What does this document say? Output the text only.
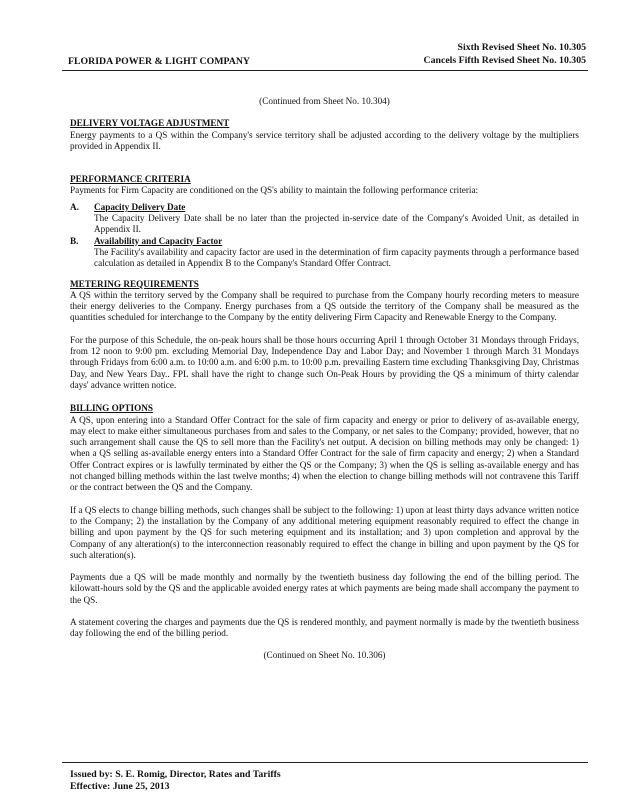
Sixth Revised Sheet No. 10.305
Cancels Fifth Revised Sheet No. 10.305
FLORIDA POWER & LIGHT COMPANY
(Continued from Sheet No. 10.304)
DELIVERY VOLTAGE ADJUSTMENT

Energy payments to a QS within the Company's service territory shall be adjusted according to the delivery voltage by the multipliers provided in Appendix II.

PERFORMANCE CRITERIA

Payments for Firm Capacity are conditioned on the QS's ability to maintain the following performance criteria:

A.	Capacity Delivery Date

The Capacity Delivery Date shall be no later than the projected in-service date of the Company's Avoided Unit, as detailed in Appendix II.

B.	Availability and Capacity Factor

The Facility's availability and capacity factor are used in the determination of firm capacity payments through a performance based calculation as detailed in Appendix B to the Company's Standard Offer Contract.

METERING REQUIREMENTS

A QS within the territory served by the Company shall be required to purchase from the Company hourly recording meters to measure their energy deliveries to the Company. Energy purchases from a QS outside the territory of the Company shall be measured as the quantities scheduled for interchange to the Company by the entity delivering Firm Capacity and Renewable Energy to the Company.

For the purpose of this Schedule, the on-peak hours shall be those hours occurring April 1 through October 31 Mondays through Fridays, from 12 noon to 9:00 pm. excluding Memorial Day, Independence Day and Labor Day; and November 1 through March 31 Mondays through Fridays from 6:00 a.m. to 10:00 a.m. and 6:00 p.m. to 10:00 p.m. prevailing Eastern time excluding Thanksgiving Day, Christmas Day, and New Years Day.. FPL shall have the right to change such On-Peak Hours by providing the QS a minimum of thirty calendar days' advance written notice.

BILLING OPTIONS

A QS, upon entering into a Standard Offer Contract for the sale of firm capacity and energy or prior to delivery of as-available energy, may elect to make either simultaneous purchases from and sales to the Company, or net sales to the Company; provided, however, that no such arrangement shall cause the QS to sell more than the Facility's net output. A decision on billing methods may only be changed: 1) when a QS selling as-available energy enters into a Standard Offer Contract for the sale of firm capacity and energy; 2) when a Standard Offer Contract expires or is lawfully terminated by either the QS or the Company; 3) when the QS is selling as-available energy and has not changed billing methods within the last twelve months; 4) when the election to change billing methods will not contravene this Tariff or the contract between the QS and the Company.

If a QS elects to change billing methods, such changes shall be subject to the following: 1) upon at least thirty days advance written notice to the Company; 2) the installation by the Company of any additional metering equipment reasonably required to effect the change in billing and upon payment by the QS for such metering equipment and its installation; and 3) upon completion and approval by the Company of any alteration(s) to the interconnection reasonably required to effect the change in billing and upon payment by the QS for such alteration(s).

Payments due a QS will be made monthly and normally by the twentieth business day following the end of the billing period. The kilowatt-hours sold by the QS and the applicable avoided energy rates at which payments are being made shall accompany the payment to the QS.

A statement covering the charges and payments due the QS is rendered monthly, and payment normally is made by the twentieth business day following the end of the billing period.

(Continued on Sheet No. 10.306)
Issued by: S. E. Romig, Director, Rates and Tariffs
Effective: June 25, 2013
